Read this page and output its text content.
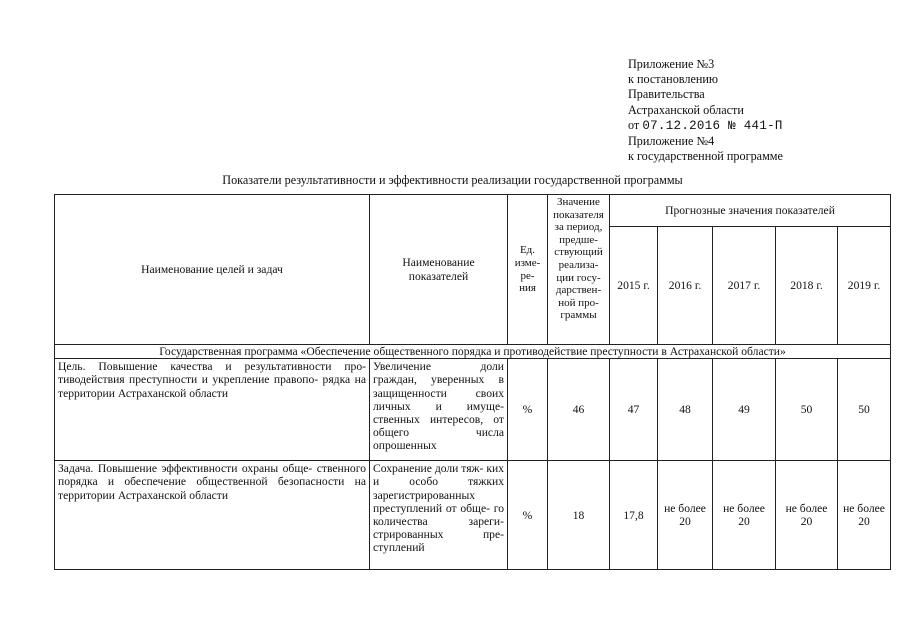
Приложение №3
к постановлению
Правительства
Астраханской области
от 07.12.2016 № 441-П
Приложение №4
к государственной программе
Показатели результативности и эффективности реализации государственной программы
Наименование целей и задач	Наименование показателей	Ед. изме- ре- ния	Значение показателя за период, предше- ствующий реализа- ции госу- дарствен- ной про- граммы	Прогнозные значения показателей				
				2015 г.	2016 г.	2017 г.	2018 г.	2019 г.
Государственная программа «Обеспечение общественного порядка и противодействие преступности в Астраханской области»								
Цель. Повышение качества и результативности про- тиводействия преступности и укрепление правопо- рядка на территории Астраханской области	Увеличение доли граждан, уверенных в защищенности своих личных и имуще- ственных интересов, от общего числа опрошенных	%	46	47	48	49	50	50
Задача. Повышение эффективности охраны обще- ственного порядка и обеспечение общественной безопасности на территории Астраханской области	Сохранение доли тяж- ких и особо тяжких зарегистрированных преступлений от обще- го количества зареги- стрированных пре- ступлений	%	18	17,8	не более 20	не более 20	не более 20	не более 20
